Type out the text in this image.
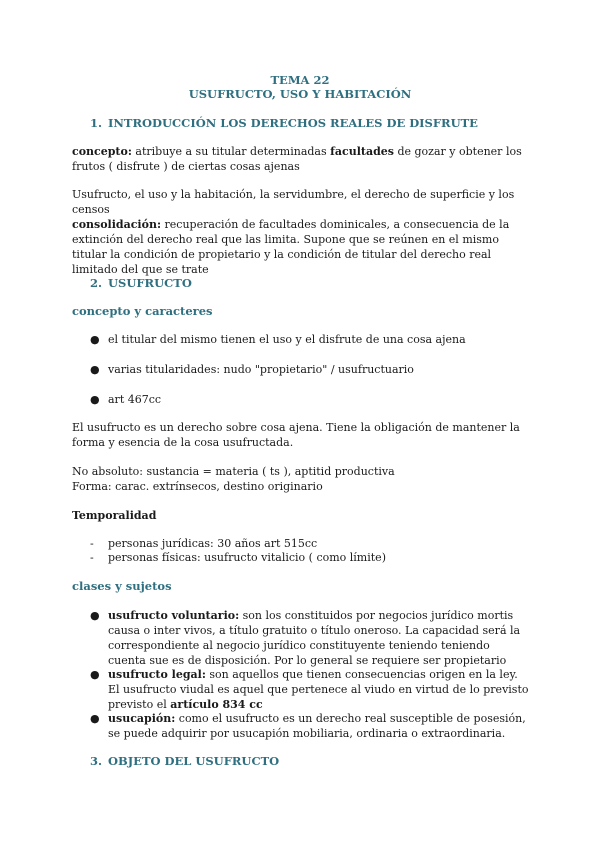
TEMA 22
USUFRUCTO, USO Y HABITACIÓN
1. INTRODUCCIÓN LOS DERECHOS REALES DE DISFRUTE
concepto: atribuye a su titular determinadas facultades de gozar y obtener los frutos ( disfrute ) de ciertas cosas ajenas
Usufructo, el uso y la habitación, la servidumbre, el derecho de superficie y los censos
consolidación: recuperación de facultades dominicales, a consecuencia de la extinción del derecho real que las limita. Supone que se reúnen en el mismo titular la condición de propietario y la condición de titular del derecho real limitado del que se trate
2. USUFRUCTO
concepto y caracteres
● el titular del mismo tienen el uso y el disfrute de una cosa ajena
● varias titularidades: nudo "propietario" / usufructuario
● art 467cc
El usufructo es un derecho sobre cosa ajena. Tiene la obligación de mantener la forma y esencia de la cosa usufructada.
No absoluto: sustancia = materia ( ts ), aptitid productiva
Forma: carac. extrínsecos, destino originario
Temporalidad
- personas jurídicas: 30 años art 515cc
- personas físicas: usufructo vitalicio ( como límite)
clases y sujetos
● usufructo voluntario: son los constituidos por negocios jurídico mortis causa o inter vivos, a título gratuito o título oneroso. La capacidad será la correspondiente al negocio jurídico constituyente teniendo teniendo cuenta sue es de disposición. Por lo general se requiere ser propietario
● usufructo legal: son aquellos que tienen consecuencias origen en la ley. El usufructo viudal es aquel que pertenece al viudo en virtud de lo previsto previsto el artículo 834 cc
● usucapión: como el usufructo es un derecho real susceptible de posesión, se puede adquirir por usucapión mobiliaria, ordinaria o extraordinaria.
3. OBJETO DEL USUFRUCTO
